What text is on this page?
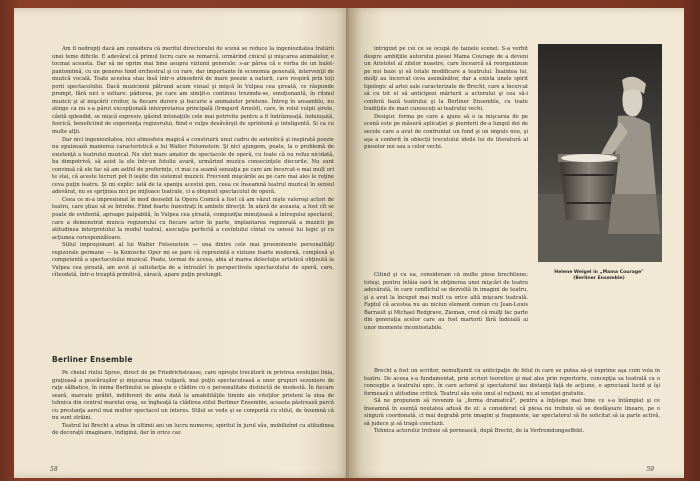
Am fi nedrepţi dacă am considera că meritul directorului de scenă se reduce la ingeniozitatea tratării unei teme dificile. E adevărat că primul lucru care se remarcă, urmărind cinicul şi mişcarea animalelor, e tocmai aceasta. Dar să ne oprim mai bine asupra viziunii generale: s-ar părea că e vorba de un balet-pantomimă, cu un generos fond orchestral şi cu rare, dar importante în economia generală, intervenţii de muzică vocală. Toate acestea stau însă într-o atmosferă de mare poezie a naturii, care respiră prin toţi porii spectacolului. Dacă muzicienii pătrund acum vizual şi mişcă în Vulpea cea şireată, ce răspunde prompt, fără nici o ezitare: pădurea, pe care am simţit-o continuu trezindu-se, emoţionantă, în ritmul muzicii şi al mişcării croitor, la fiecare durere şi bucurie a animalelor prietene. Întreg în ansamblu, nu atinge ca nu s-a părut excepţională interpretarea principală (Irmgard Arnold), care, în rolul vulpii şirete, cântă splendid, se mişcă expresiv, găsind intonaţiile cele mai potrivite pentru a fi îndrăzneaţă, înduioşată, feericã, beneficiind de experienţa regizorului, fiind o vulpe desăvârşit de sprintenă şi inteligentă. Si ca cu multe alţii.

Dar nici ingeniozitatea, nici atmosfera magică a construirii unui cadru de autentică şi inspirată poezie nu epuizează manierea caracteristică a lui Walter Felsenstein. Şi nici ajungem, poate, la o problemă de existenţă a teatrului muzical. Nu sînt mare amator de spectacole de operă, cu toate că nu refuz nicidată, ba dimpotrivă, să asist la ele într-un fotoliu avară, urmărind muzica consecinţele discurile. Nu sunt convinsă că ele fac să am astfel de preferinţe, ci mai ca seamă senzaţia pe care am încercat-o mai mult ori te stai, că aceste lucruri pot fi ieşite din sistemul muzicii. Frecvent mişcările au pe care mai ales le reţine ceva puţin teatru. Şi mi explic: iată de la spaniju acestui gen, ceea ce înseamnă teatrul muzical în sensul adevărat, nu se sprijinea nici pe mijloace teatrale, ci a obişnuit spectacolul de operă.

Ceea ce m-a impresionat în mod deosebit la Opera Comică a fost că am văzut nişte valoroşi actori de teatru, care ştiau să se întrebe. Fiind foarte înzestraţi în ambele direcţii. În afară de aceasta, a fost cît se poate de evidentă, aproape palpabilă, în Vulpea cea şireată, compoziţia minuţioasă a întregului spectacol, care a demonstrat munca regizorului cu fiecare actor în parte, implantarea regizorală a muzicii pe atitudinea interpretului la modul teatral, asociaţia perfectă a cuvîntului cîntat cu sensul lui logic şi cu acţiunea corespunzătoare.

Stilul impreşionant al lui Walter Felsenstein — una dintre cele mai proeminente personalităţi regizorale germane — la Komische Oper mi se pare că reprezintă o viziune foarte modernă, complexă şi competentă a spectacolului muzical. Poate, tocmai de aceea, abia al marea delectaţie artistică obţinută la Vulpea cea şireată, am avut şi satisfacţia de a întrezări în perspectivele spectacolului de operă, care, cîteodată, într-o treaptă primitivă, săracă, apare puţin prelungit.

Berliner Ensemble

Pe cheiul rîului Spree, direct de pe Friedrichstrasse, care opreşte trecătorii în privirea evoluţiei linia, graţioasă a pescăruşilor şi mişcarea mai vulgară, mai puţin spectaculoasă a unor grupuri sezoniere de raţe sălbatice, în inima Berlinului se găseşte o clădire cu o personalitate distinctă de modestă. În fiecare seară, marcate grăbit, indiferent de anta dată la amabilităţile timide ale viteţilor prieteni la ziua de tehnica din centrul marelui oraş, se îngheaţă la clădirea stilul Berliner Ensemble, aceasta păstrează parcă cu prestanţa aerul mai multor spectacol un interes. Stilul se vede şi se comportă cu stilul, de însemnă că nu sunt străini.

Teatrul lui Brecht a atras în ultimii ani un lucru numeros, spiritul în jurul său, mobilizînd cu atitudinea de decoraţii imaginare, indiginii, dar în orice caz

58

intrigind pe cei ce se ocupă de tainele scenei. S-a vorbit despre ambiţiile autorului piesei Mama Courage de a deveni un Aristotel al zilelor noastre, care încearcă să reorganizeze pe noi baze şi să totale modificare a teatrului. Înaintea lui, mulţi au încercat ceva asemănător, dar a exista unele spirit tipologic al artei sale caracterizate de Brecht, care a încercat să cu tot el să anticipezi mărturii a actorului şi cea să-i conferă bază teatrului şi la Berliner Ensemble, cu toate tradiţiile de mari cunoscuţi ai teatrului vechi.

Desigur, forma pe care a ajuns să o ia mişcarea de pe scenă este pe măsură aplicaţiei şi pierderii de-a lungul doi de secole care a avut de confruntat un fond şi un impuls nou, şi aşa a conferit în obiecţii trecutului ideile lui de literatură al pieselor noi sau a celor vechi.

Helene Weigel în „Mama Courage"
(Berliner Ensemble)

Citind şi cu ea, consideram că multe piese brechtiene; totuşi, pentru întâia oară în obţinerea unei mişcări de teatru adevărată, în care conflictul se dezvoltă în imagini de teatru, şi a avut la început mai mult ca orice altă mişcare teatrală. Faptul că acestea nu au niciun element comun cu Jean-Louis Barrault şi Michael Redgrave, Zieman, cred că mulţi fac parte din generaţia acelor care au fost martorii fără îndoială ai unor momente incontestabile.

Brecht a fost un scriitor, nemulţumit cu anticipaţie de felul în care se putea să-şi exprime aşa cum voia în teatru. De aceea s-a fundamentat, prin scrieri teoretice şi mai ales prin repertoriu, concepţia sa teatrală ca o concepţie a teatrului epic, în care actorul şi spectatorul iau distanţă faţă de acţiune, o apreciază lucid şi îşi formează o atitudine critică. Teatrul său este unul al raţiunii, nu al emoţiei gratuite.

Să ne propunem să revenim la „forma dramatică", pentru a înţelege mai bine ce s-a întâmplat şi ce înseamnă în esenţă noutatea adusă de el: a considerat că piesa nu trebuie să se desfăşoare lineare, pe o singură coordonată, ci mai degrabă prin imagini şi fragmente, iar spectatorul să fie solicitat să ia parte activă, să judece şi să tragă concluzii.

Tehnica actorului trebuie să pornească, după Brecht, de la Verfremdungseffekt.

59
